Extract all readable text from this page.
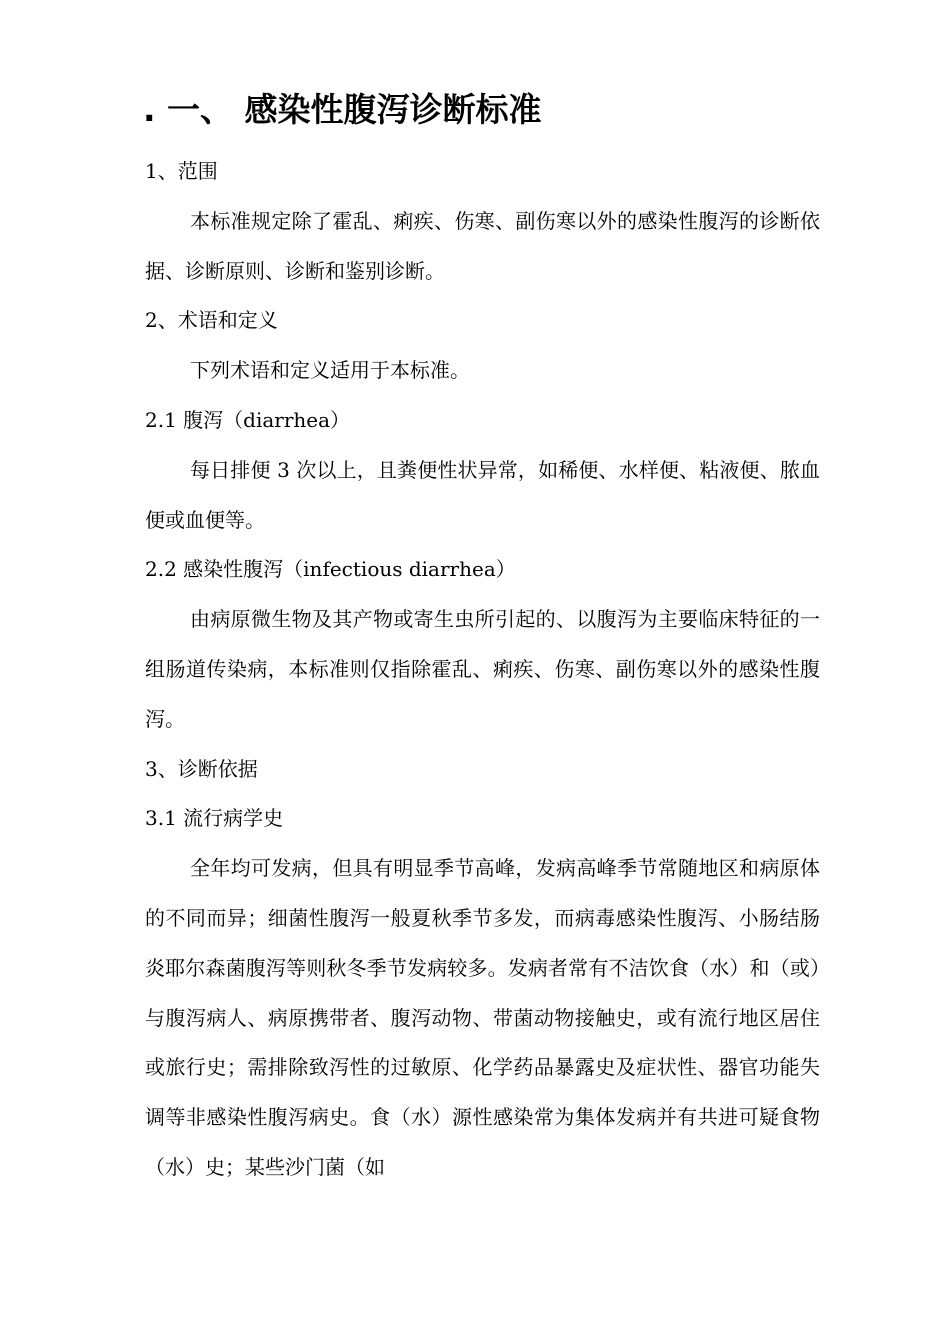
. 一、 感染性腹泻诊断标准

1、范围

本标准规定除了霍乱、痢疾、伤寒、副伤寒以外的感染性腹泻的诊断依据、诊断原则、诊断和鉴别诊断。

2、术语和定义

下列术语和定义适用于本标准。

2.1 腹泻（diarrhea）

每日排便 3 次以上，且粪便性状异常，如稀便、水样便、粘液便、脓血便或血便等。

2.2 感染性腹泻（infectious diarrhea）

由病原微生物及其产物或寄生虫所引起的、以腹泻为主要临床特征的一组肠道传染病，本标准则仅指除霍乱、痢疾、伤寒、副伤寒以外的感染性腹泻。

3、诊断依据

3.1 流行病学史

全年均可发病，但具有明显季节高峰，发病高峰季节常随地区和病原体的不同而异；细菌性腹泻一般夏秋季节多发，而病毒感染性腹泻、小肠结肠炎耶尔森菌腹泻等则秋冬季节发病较多。发病者常有不洁饮食（水）和（或）与腹泻病人、病原携带者、腹泻动物、带菌动物接触史，或有流行地区居住或旅行史；需排除致泻性的过敏原、化学药品暴露史及症状性、器官功能失调等非感染性腹泻病史。食（水）源性感染常为集体发病并有共进可疑食物（水）史；某些沙门菌（如
